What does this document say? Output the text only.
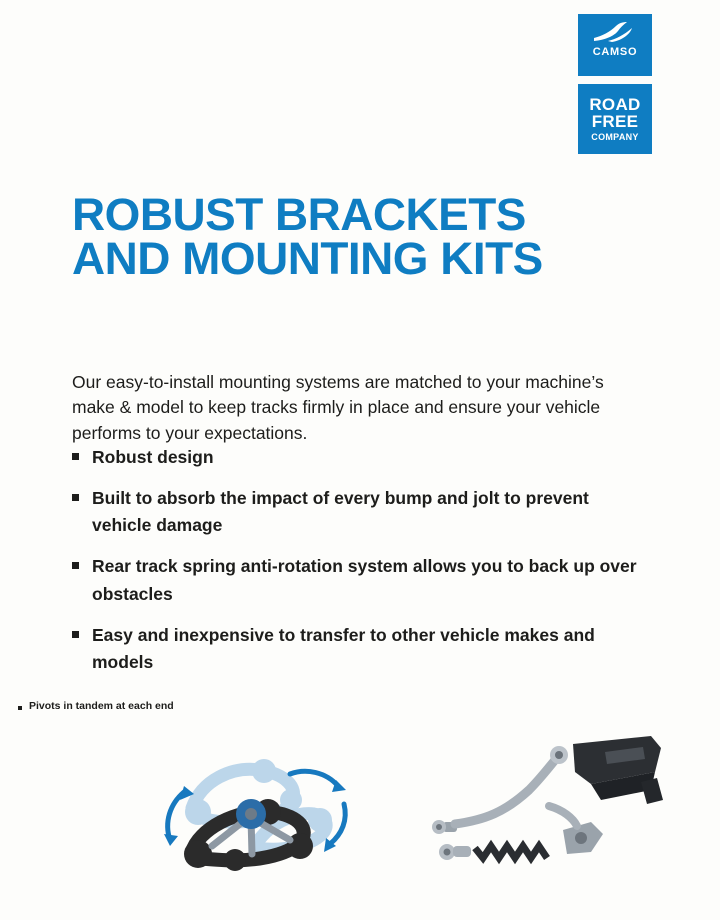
CAMSO
ROAD
FREE
COMPANY
ROBUST BRACKETS
AND MOUNTING KITS

Our easy-to-install mounting systems are matched to your machine’s make & model to keep tracks firmly in place and ensure your vehicle performs to your expectations.

Robust design
Built to absorb the impact of every bump and jolt to prevent vehicle damage
Rear track spring anti-rotation system allows you to back up over obstacles
Easy and inexpensive to transfer to other vehicle makes and models
Pivots in tandem at each end
